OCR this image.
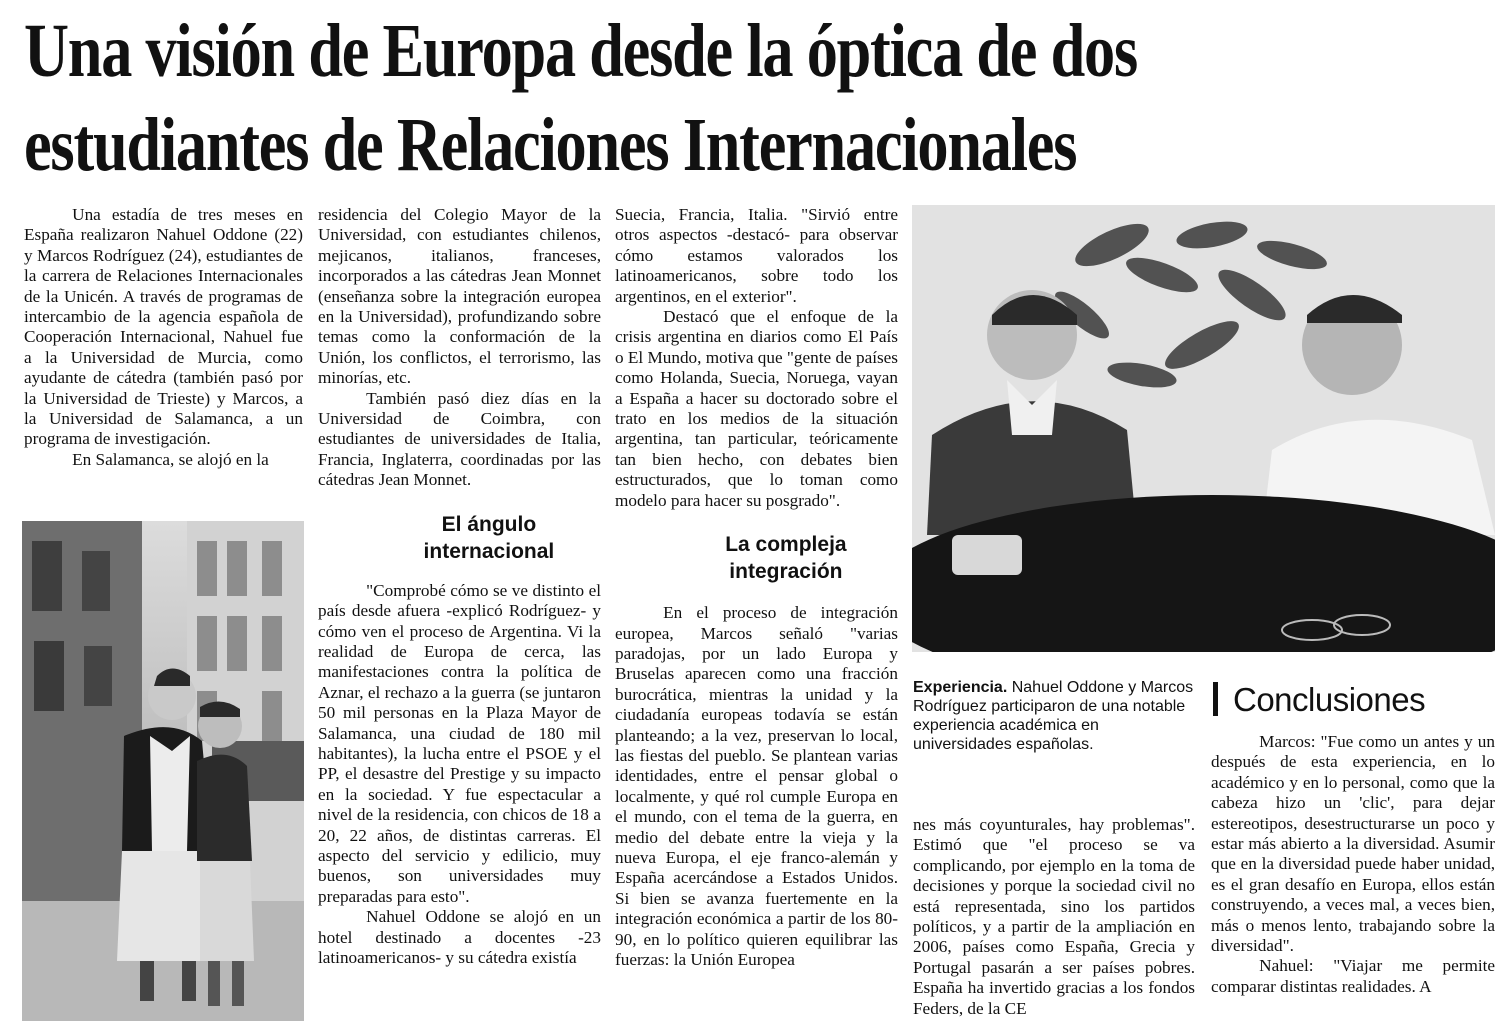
Una visión de Europa desde la óptica de dos
estudiantes de Relaciones Internacionales

Una estadía de tres meses en España realizaron Nahuel Oddone (22) y Marcos Rodríguez (24), estudiantes de la carrera de Relaciones Internacionales de la Unicén. A través de programas de intercambio de la agencia española de Cooperación Internacional, Nahuel fue a la Universidad de Murcia, como ayudante de cátedra (también pasó por la Universidad de Trieste) y Marcos, a la Universidad de Salamanca, a un programa de investigación.

En Salamanca, se alojó en la

residencia del Colegio Mayor de la Universidad, con estudiantes chilenos, mejicanos, italianos, franceses, incorporados a las cátedras Jean Monnet (enseñanza sobre la integración europea en la Universidad), profundizando sobre temas como la conformación de la Unión, los conflictos, el terrorismo, las minorías, etc.

También pasó diez días en la Universidad de Coimbra, con estudiantes de universidades de Italia, Francia, Inglaterra, coordinadas por las cátedras Jean Monnet.

El ángulo

internacional

"Comprobé cómo se ve distinto el país desde afuera -explicó Rodríguez- y cómo ven el proceso de Argentina. Vi la realidad de Europa de cerca, las manifestaciones contra la política de Aznar, el rechazo a la guerra (se juntaron 50 mil personas en la Plaza Mayor de Salamanca, una ciudad de 180 mil habitantes), la lucha entre el PSOE y el PP, el desastre del Prestige y su impacto en la sociedad. Y fue espectacular a nivel de la residencia, con chicos de 18 a 20, 22 años, de distintas carreras. El aspecto del servicio y edilicio, muy buenos, son universidades muy preparadas para esto".

Nahuel Oddone se alojó en un hotel destinado a docentes -23 latinoamericanos- y su cátedra existía

Suecia, Francia, Italia. "Sirvió entre otros aspectos -destacó- para observar cómo estamos valorados los latinoamericanos, sobre todo los argentinos, en el exterior".

Destacó que el enfoque de la crisis argentina en diarios como El País o El Mundo, motiva que "gente de países como Holanda, Suecia, Noruega, vayan a España a hacer su doctorado sobre el trato en los medios de la situación argentina, tan particular, teóricamente tan bien hecho, con debates bien estructurados, que lo toman como modelo para hacer su posgrado".

La compleja

integración

En el proceso de integración europea, Marcos señaló "varias paradojas, por un lado Europa y Bruselas aparecen como una fracción burocrática, mientras la unidad y la ciudadanía europeas todavía se están planteando; a la vez, preservan lo local, las fiestas del pueblo. Se plantean varias identidades, entre el pensar global o localmente, y qué rol cumple Europa en el mundo, con el tema de la guerra, en medio del debate entre la vieja y la nueva Europa, el eje franco-alemán y España acercándose a Estados Unidos. Si bien se avanza fuertemente en la integración económica a partir de los 80-90, en lo político quieren equilibrar las fuerzas: la Unión Europea

Experiencia. Nahuel Oddone y Marcos Rodríguez participaron de una notable experiencia académica en universidades españolas.

nes más coyunturales, hay problemas". Estimó que "el proceso se va complicando, por ejemplo en la toma de decisiones y porque la sociedad civil no está representada, sino los partidos políticos, y a partir de la ampliación en 2006, países como España, Grecia y Portugal pasarán a ser países pobres. España ha invertido gracias a los fondos Feders, de la CE

Conclusiones

Marcos: "Fue como un antes y un después de esta experiencia, en lo académico y en lo personal, como que la cabeza hizo un 'clic', para dejar estereotipos, desestructurarse un poco y estar más abierto a la diversidad. Asumir que en la diversidad puede haber unidad, es el gran desafío en Europa, ellos están construyendo, a veces mal, a veces bien, más o menos lento, trabajando sobre la diversidad".

Nahuel: "Viajar me permite comparar distintas realidades. A
